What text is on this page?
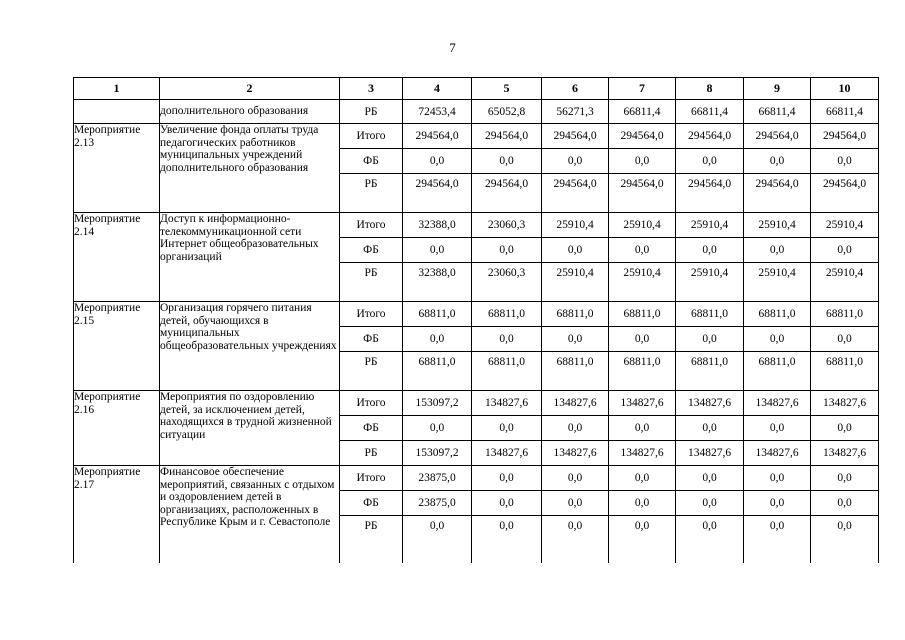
7
1	2	3	4	5	6	7	8	9	10
	дополнительного образования	РБ	72453,4	65052,8	56271,3	66811,4	66811,4	66811,4	66811,4
Мероприятие 2.13	Увеличение фонда оплаты труда педагогических работников муниципальных учреждений дополнительного образования	Итого	294564,0	294564,0	294564,0	294564,0	294564,0	294564,0	294564,0
		ФБ	0,0	0,0	0,0	0,0	0,0	0,0	0,0
		РБ	294564,0	294564,0	294564,0	294564,0	294564,0	294564,0	294564,0
Мероприятие 2.14	Доступ к информационно-телекоммуникационной сети Интернет общеобразовательных организаций	Итого	32388,0	23060,3	25910,4	25910,4	25910,4	25910,4	25910,4
		ФБ	0,0	0,0	0,0	0,0	0,0	0,0	0,0
		РБ	32388,0	23060,3	25910,4	25910,4	25910,4	25910,4	25910,4
Мероприятие 2.15	Организация горячего питания детей, обучающихся в муниципальных общеобразовательных учреждениях	Итого	68811,0	68811,0	68811,0	68811,0	68811,0	68811,0	68811,0
		ФБ	0,0	0,0	0,0	0,0	0,0	0,0	0,0
		РБ	68811,0	68811,0	68811,0	68811,0	68811,0	68811,0	68811,0
Мероприятие 2.16	Мероприятия по оздоровлению детей, за исключением детей, находящихся в трудной жизненной ситуации	Итого	153097,2	134827,6	134827,6	134827,6	134827,6	134827,6	134827,6
		ФБ	0,0	0,0	0,0	0,0	0,0	0,0	0,0
		РБ	153097,2	134827,6	134827,6	134827,6	134827,6	134827,6	134827,6
Мероприятие 2.17	Финансовое обеспечение мероприятий, связанных с отдыхом и оздоровлением детей в организациях, расположенных в Республике Крым и г. Севастополе	Итого	23875,0	0,0	0,0	0,0	0,0	0,0	0,0
		ФБ	23875,0	0,0	0,0	0,0	0,0	0,0	0,0
		РБ	0,0	0,0	0,0	0,0	0,0	0,0	0,0
